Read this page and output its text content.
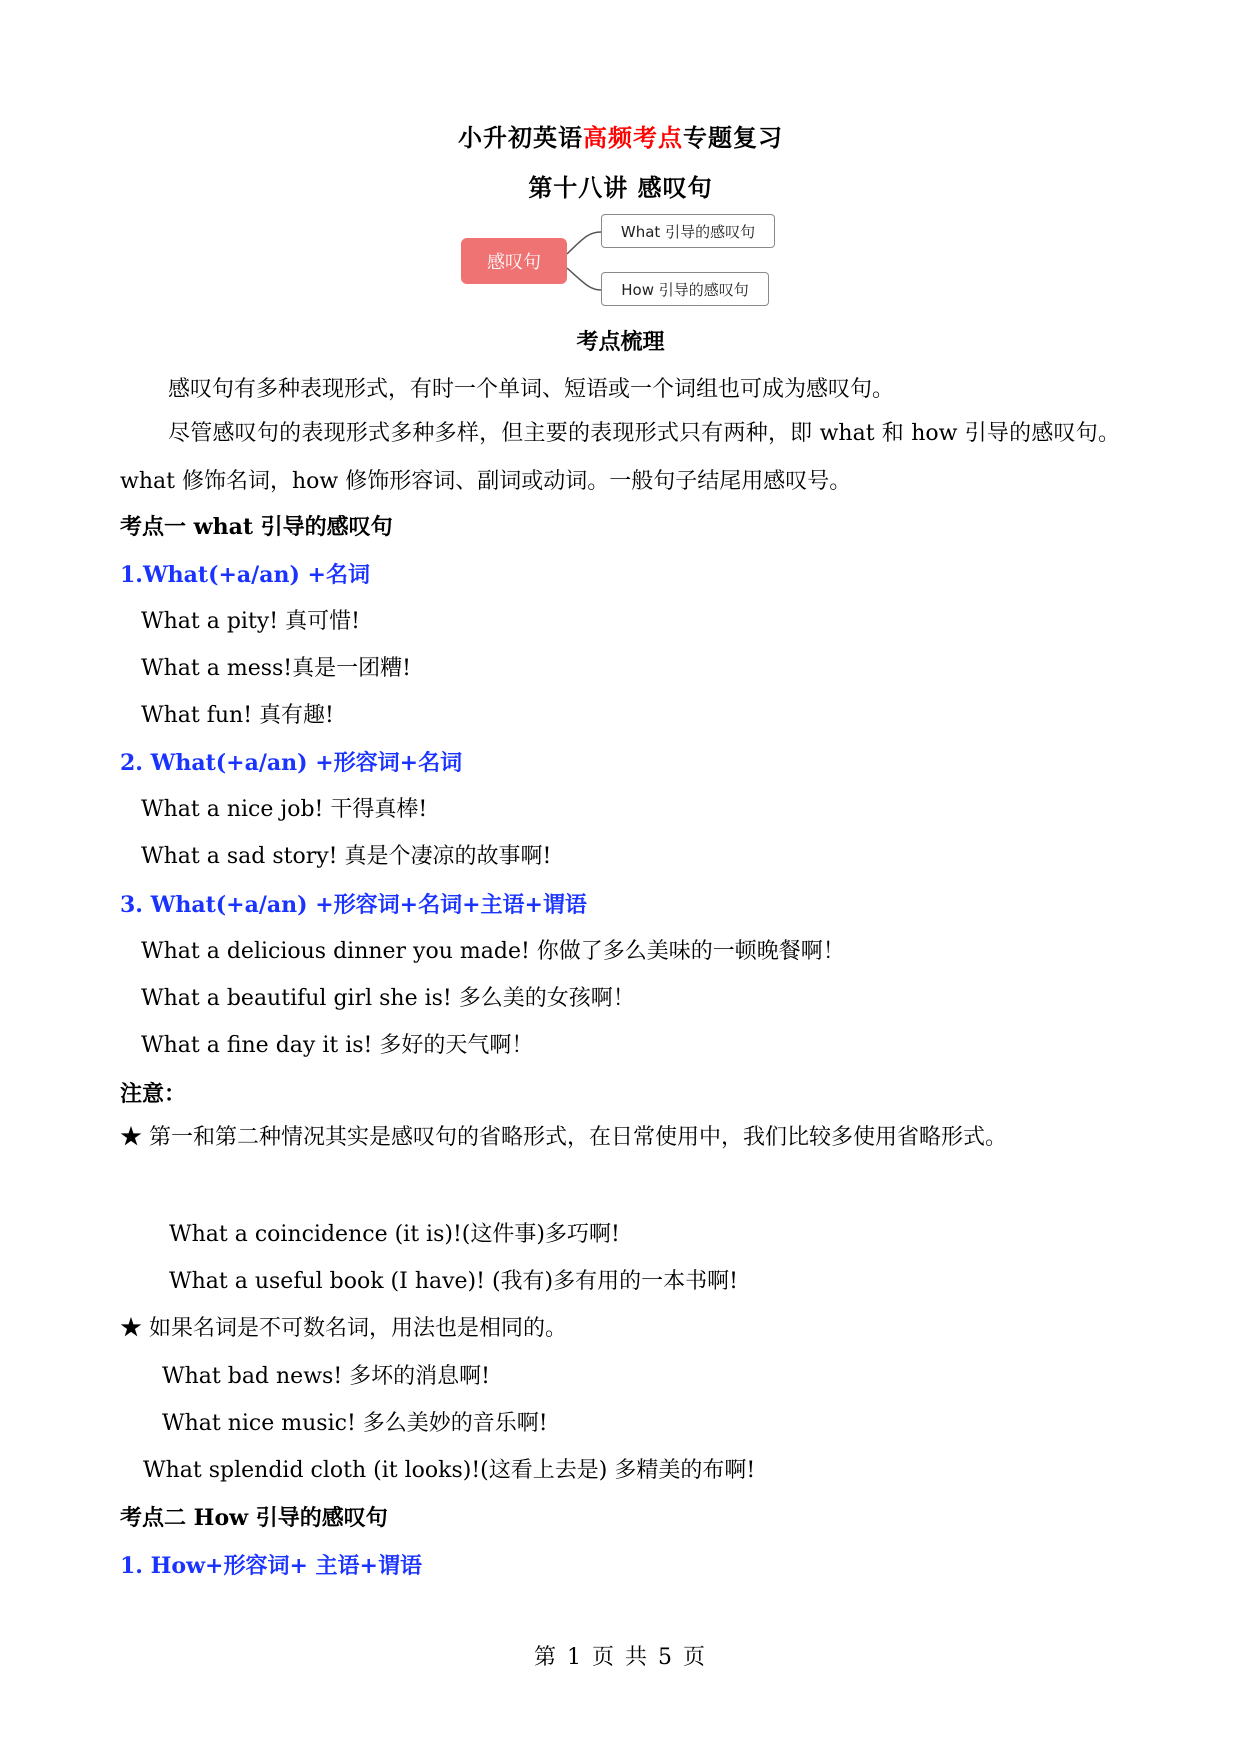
小升初英语高频考点专题复习
第十八讲 感叹句
感叹句
What 引导的感叹句
How 引导的感叹句
考点梳理
感叹句有多种表现形式，有时一个单词、短语或一个词组也可成为感叹句。
尽管感叹句的表现形式多种多样，但主要的表现形式只有两种，即 what 和 how 引导的感叹句。what 修饰名词，how 修饰形容词、副词或动词。一般句子结尾用感叹号。
考点一 what 引导的感叹句
1.What(+a/an) +名词
What a pity! 真可惜!
What a mess!真是一团糟!
What fun! 真有趣!
2. What(+a/an) +形容词+名词
What a nice job! 干得真棒!
What a sad story! 真是个凄凉的故事啊!
3. What(+a/an) +形容词+名词+主语+谓语
What a delicious dinner you made! 你做了多么美味的一顿晚餐啊！
What a beautiful girl she is! 多么美的女孩啊！
What a fine day it is! 多好的天气啊！
注意：
★ 第一和第二种情况其实是感叹句的省略形式，在日常使用中，我们比较多使用省略形式。
What a coincidence (it is)!(这件事)多巧啊!
What a useful book (I have)! (我有)多有用的一本书啊!
★ 如果名词是不可数名词，用法也是相同的。
What bad news! 多坏的消息啊!
What nice music! 多么美妙的音乐啊!
What splendid cloth (it looks)!(这看上去是) 多精美的布啊!
考点二 How 引导的感叹句
1. How+形容词+ 主语+谓语
第 1 页 共 5 页
